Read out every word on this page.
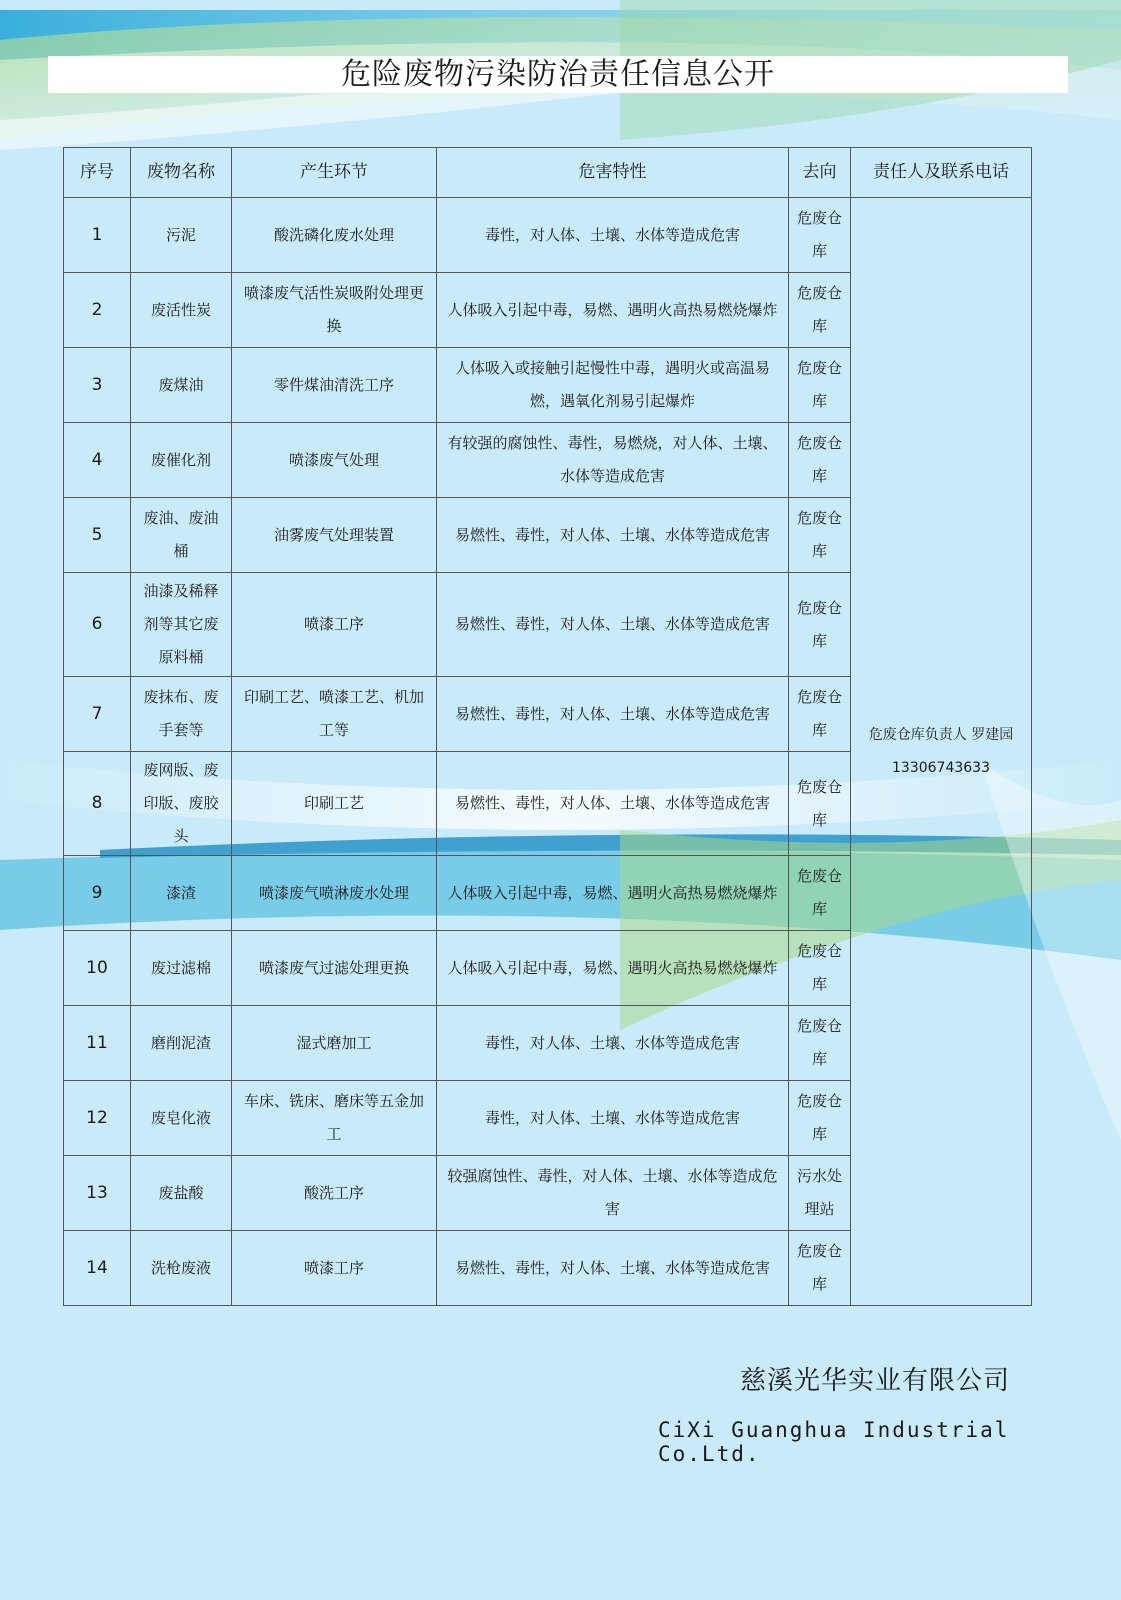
危险废物污染防治责任信息公开
序号	废物名称	产生环节	危害特性	去向	责任人及联系电话
1	污泥	酸洗磷化废水处理	毒性，对人体、土壤、水体等造成危害	危废仓库	危废仓库负责人 罗建园
13306743633

2	废活性炭	喷漆废气活性炭吸附处理更换	人体吸入引起中毒，易燃、遇明火高热易燃烧爆炸	危废仓库	
3	废煤油	零件煤油清洗工序	人体吸入或接触引起慢性中毒，遇明火或高温易燃，遇氧化剂易引起爆炸	危废仓库	
4	废催化剂	喷漆废气处理	有较强的腐蚀性、毒性，易燃烧，对人体、土壤、水体等造成危害	危废仓库	
5	废油、废油桶	油雾废气处理装置	易燃性、毒性，对人体、土壤、水体等造成危害	危废仓库	
6	油漆及稀释剂等其它废原料桶	喷漆工序	易燃性、毒性，对人体、土壤、水体等造成危害	危废仓库	
7	废抹布、废手套等	印刷工艺、喷漆工艺、机加工等	易燃性、毒性，对人体、土壤、水体等造成危害	危废仓库	
8	废网版、废印版、废胶头	印刷工艺	易燃性、毒性，对人体、土壤、水体等造成危害	危废仓库	
9	漆渣	喷漆废气喷淋废水处理	人体吸入引起中毒，易燃、遇明火高热易燃烧爆炸	危废仓库	
10	废过滤棉	喷漆废气过滤处理更换	人体吸入引起中毒，易燃、遇明火高热易燃烧爆炸	危废仓库	
11	磨削泥渣	湿式磨加工	毒性，对人体、土壤、水体等造成危害	危废仓库	
12	废皂化液	车床、铣床、磨床等五金加工	毒性，对人体、土壤、水体等造成危害	危废仓库	
13	废盐酸	酸洗工序	较强腐蚀性、毒性，对人体、土壤、水体等造成危害	污水处理站	
14	洗枪废液	喷漆工序	易燃性、毒性，对人体、土壤、水体等造成危害	危废仓库	
慈溪光华实业有限公司
CiXi Guanghua Industrial Co.Ltd.
